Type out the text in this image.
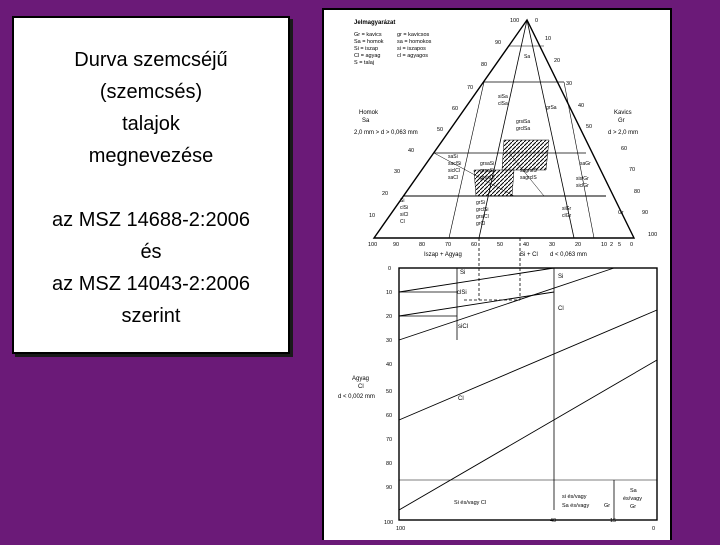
Durva szemcséjű
(szemcsés)
talajok
megnevezése
az MSZ 14688-2:2006
és
az MSZ 14043-2:2006
szerint
Jelmagyarázat
Gr = kavics
Sa = homok
Si = iszap
Cl = agyag
S = talaj
gr = kavicsos
sa = homokos
si = iszapos
cl = agyagos
100
90
80
70
60
50
40
30
20
10
0
10
20
30
40
50
60
70
80
90
100
100	90	80	70	60	50	40	30	20	10 2 5 0
Homok
Sa
2,0 mm > d > 0,063 mm
Kavics
Gr
d > 2,0 mm
Sa
siSa
clSa
grSa
grsiSa
grclSa
saSi
saclSi
siclCl
saCl
grsaSi
grsaSi
grsaCl
sagrsiS
sagrclS
saGr
sisiGr
siclGr
Si
clSi
siCl
Cl
grSi
grclSi
grsiCl
grCl
siGr
clGr	Gr
Iszap + Agyag	Si + Cl d < 0,063 mm
0
10
20
30
40
50
60
70
80
90
100
Agyag
Cl
d < 0,002 mm
Si
clSi
siCl
Si
Cl
Cl
Si és/vagy Cl
si és/vagy
Sa és/vagy	Gr
Sa
és/vagy
Gr
100
40	15
0
